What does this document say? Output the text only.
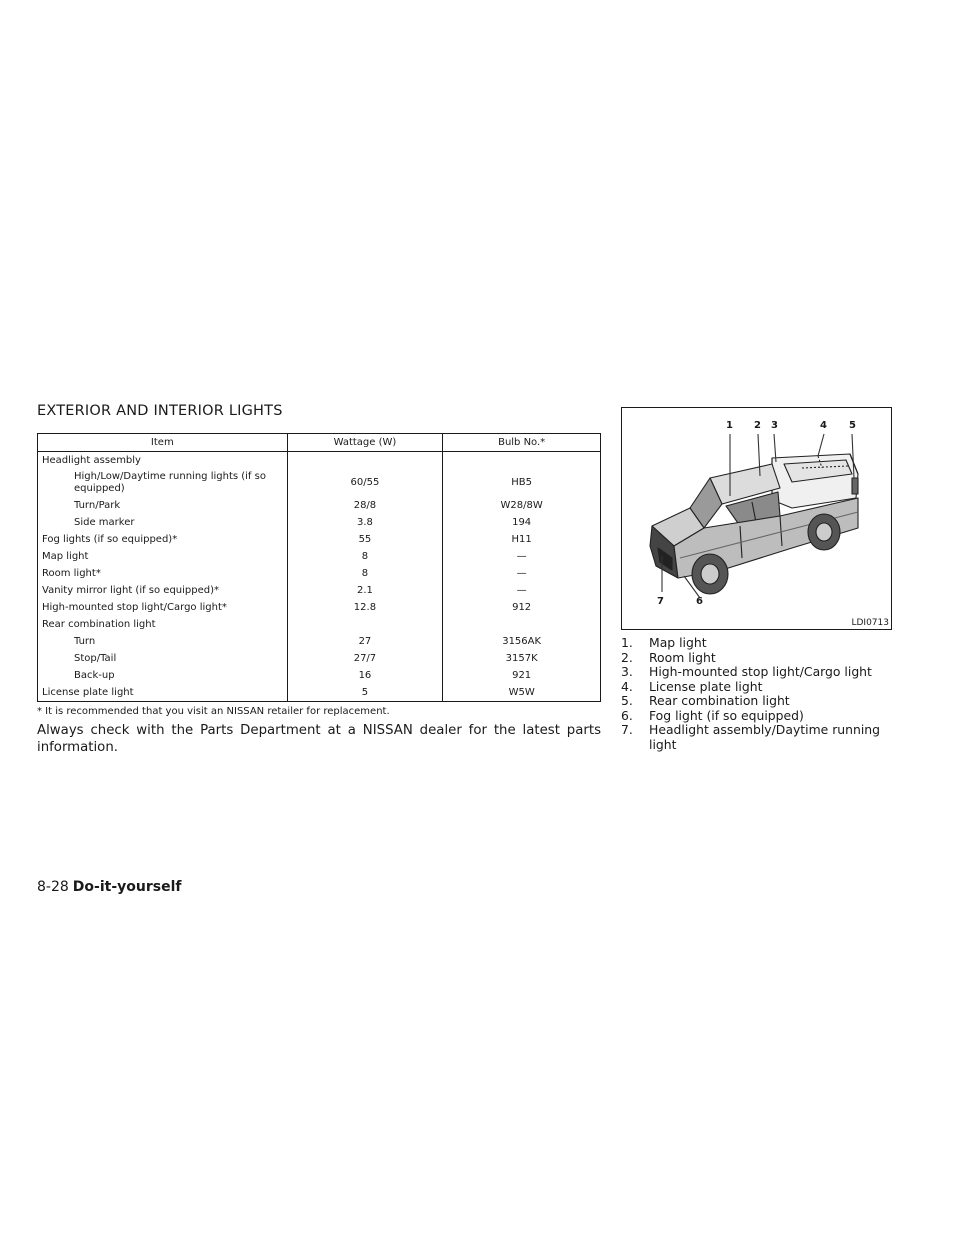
EXTERIOR AND INTERIOR LIGHTS
Item	Wattage (W)	Bulb No.*
Headlight assembly		
High/Low/Daytime running lights (if so equipped)	60/55	HB5
Turn/Park	28/8	W28/8W
Side marker	3.8	194
Fog lights (if so equipped)*	55	H11
Map light	8	—
Room light*	8	—
Vanity mirror light (if so equipped)*	2.1	—
High-mounted stop light/Cargo light*	12.8	912
Rear combination light		
Turn	27	3156AK
Stop/Tail	27/7	3157K
Back-up	16	921
License plate light	5	W5W

* It is recommended that you visit an NISSAN retailer for replacement.

Always check with the Parts Department at a NISSAN dealer for the latest parts information.

1 2 3	4 5
6
7
LDI0713
1.	Map light
2.	Room light
3.	High-mounted stop light/Cargo light
4.	License plate light
5.	Rear combination light
6.	Fog light (if so equipped)
7.	Headlight assembly/Daytime running light
8-28 Do-it-yourself
